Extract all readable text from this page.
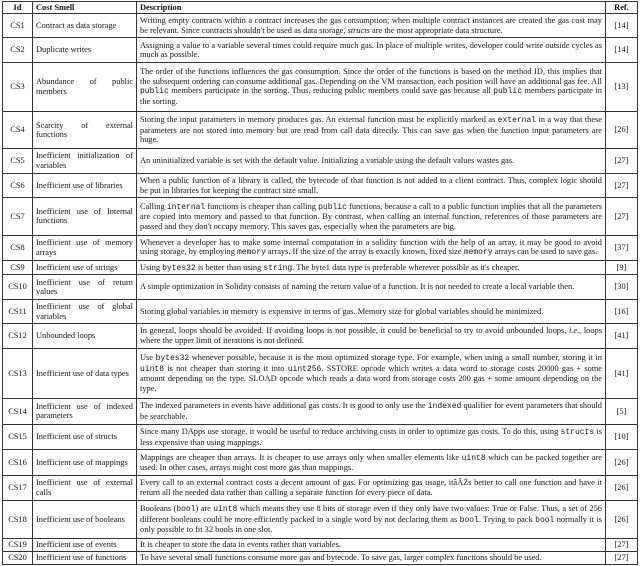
Id	Cost Smell	Description	Ref.
CS1	Contract as data storage	Writing empty contracts within a contract increases the gas consumption; when multiple contract instances are created the gas cost may be relevant. Since contracts shouldn't be used as data storage, structs are the most appropriate data structure.	[14]
CS2	Duplicate writes	Assigning a value to a variable several times could require much gas. In place of multiple writes, developer could write outside cycles as much as possible.	[14]
CS3	Abundance of public members	The order of the functions influences the gas consumption. Since the order of the functions is based on the method ID, this implies that the subsequent ordering can consume additional gas. Depending on the VM transaction, each position will have an additional gas fee. All public members participate in the sorting. Thus, reducing public members could save gas because all public members participate in the sorting.	[13]
CS4	Scarcity of external functions	Storing the input parameters in memory produces gas. An external function must be explicitly marked as external in a way that these parameters are not stored into memory but are read from call data directly. This can save gas when the function input parameters are huge.	[26]
CS5	Inefficient initialization of variables	An uninitialized variable is set with the default value. Initializing a variable using the default values wastes gas.	[27]
CS6	Inefficient use of libraries	When a public function of a library is called, the bytecode of that function is not added to a client contract. Thus, complex logic should be put in libraries for keeping the contract size small.	[27]
CS7	Inefficient use of Internal functions	Calling internal functions is cheaper than calling public functions, because a call to a public function implies that all the parameters are copied into memory and passed to that function. By contrast, when calling an internal function, references of those parameters are passed and they don't occupy memory. This saves gas, especially when the parameters are big.	[27]
CS8	Inefficient use of memory arrays	Whenever a developer has to make some internal computation in a solidity function with the help of an array, it may be good to avoid using storage, by employing memory arrays. If the size of the array is exactly known, fixed size memory arrays can be used to save gas.	[37]
CS9	Inefficient use of strings	Using bytes32 is better than using string. The byte1 data type is preferable wherever possible as it's cheaper.	[9]
CS10	Inefficient use of return values	A simple optimization in Solidity consists of naming the return value of a function. It is not needed to create a local variable then.	[30]
CS11	Inefficient use of global variables	Storing global variables in memory is expensive in terms of gas. Memory size for global variables should be minimized.	[16]
CS12	Unbounded loops	In general, loops should be avoided. If avoiding loops is not possible, it could be beneficial to try to avoid unbounded loops, i.e., loops where the upper limit of iterations is not defined.	[41]
CS13	Inefficient use of data types	Use bytes32 whenever possible, because it is the most optimized storage type. For example, when using a small number, storing it in uint8 is not cheaper than storing it into uint256. SSTORE opcode which writes a data word to storage costs 20000 gas + some amount depending on the type. SLOAD opcode which reads a data word from storage costs 200 gas + some amount depending on the type.	[41]
CS14	Inefficient use of indexed parameters	The indexed parameters in events have additional gas costs. It is good to only use the indexed qualifier for event parameters that should be searchable.	[5]
CS15	Inefficient use of structs	Since many DApps use storage, it would be useful to reduce archiving costs in order to optimize gas costs. To do this, using structs is less expensive than using mappings.	[10]
CS16	Inefficient use of mappings	Mappings are cheaper than arrays. It is cheaper to use arrays only when smaller elements like uint8 which can be packed together are used. In other cases, arrays might cost more gas than mappings.	[26]
CS17	Inefficient use of external calls	Every call to an external contract costs a decent amount of gas. For optimizing gas usage, itâĂŹs better to call one function and have it return all the needed data rather than calling a separate function for every piece of data.	[26]
CS18	Inefficient use of booleans	Booleans (bool) are uint8 which means they use 8 bits of storage even if they only have two values: True or False. Thus, a set of 256 different booleans could be more efficiently packed in a single word by not declaring them as bool. Trying to pack bool normally it is only possible to fit 32 bools in one slot.	[26]
CS19	Inefficient use of events	It is cheaper to store the data in events rather than variables.	[27]
CS20	Inefficient use of functions	To have several small functions consume more gas and bytecode. To save gas, larger complex functions should be used.	[27]
